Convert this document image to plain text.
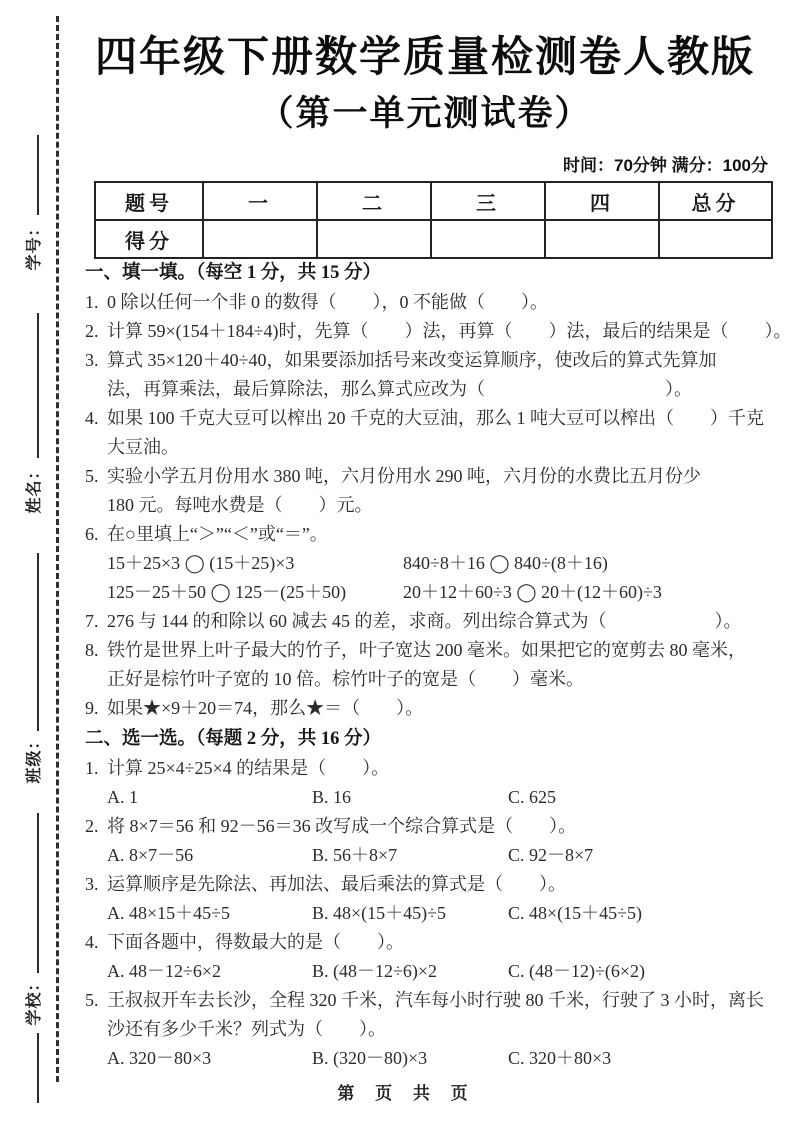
学号：
姓名：
班级：
学校：
四年级下册数学质量检测卷人教版
（第一单元测试卷）
时间：70分钟 满分：100分
题号	一	二	三	四	总分
得分					
一、填一填。（每空 1 分，共 15 分）
1. 0 除以任何一个非 0 的数得（　　），0 不能做（　　）。
2. 计算 59×(154＋184÷4)时，先算（　　）法，再算（　　）法，最后的结果是（　　）。
3. 算式 35×120＋40÷40，如果要添加括号来改变运算顺序，使改后的算式先算加
法，再算乘法，最后算除法，那么算式应改为（　　　　　　　　　　）。
4. 如果 100 千克大豆可以榨出 20 千克的大豆油，那么 1 吨大豆可以榨出（　　）千克
大豆油。
5. 实验小学五月份用水 380 吨，六月份用水 290 吨，六月份的水费比五月份少
180 元。每吨水费是（　　）元。
6. 在○里填上“＞”“＜”或“＝”。
15＋25×3 ◯ (15＋25)×3	840÷8＋16 ◯ 840÷(8＋16)
125－25＋50 ◯ 125－(25＋50)	20＋12＋60÷3 ◯ 20＋(12＋60)÷3
7. 276 与 144 的和除以 60 减去 45 的差，求商。列出综合算式为（　　　　　　）。
8. 铁竹是世界上叶子最大的竹子，叶子宽达 200 毫米。如果把它的宽剪去 80 毫米，
正好是棕竹叶子宽的 10 倍。棕竹叶子的宽是（　　）毫米。
9. 如果★×9＋20＝74，那么★＝（　　）。
二、选一选。（每题 2 分，共 16 分）
1. 计算 25×4÷25×4 的结果是（　　）。
A. 1	B. 16	C. 625
2. 将 8×7＝56 和 92－56＝36 改写成一个综合算式是（　　）。
A. 8×7－56	B. 56＋8×7	C. 92－8×7
3. 运算顺序是先除法、再加法、最后乘法的算式是（　　）。
A. 48×15＋45÷5	B. 48×(15＋45)÷5	C. 48×(15＋45÷5)
4. 下面各题中，得数最大的是（　　）。
A. 48－12÷6×2	B. (48－12÷6)×2	C. (48－12)÷(6×2)
5. 王叔叔开车去长沙，全程 320 千米，汽车每小时行驶 80 千米，行驶了 3 小时，离长
沙还有多少千米？列式为（　　）。
A. 320－80×3	B. (320－80)×3	C. 320＋80×3
第 页 共 页
